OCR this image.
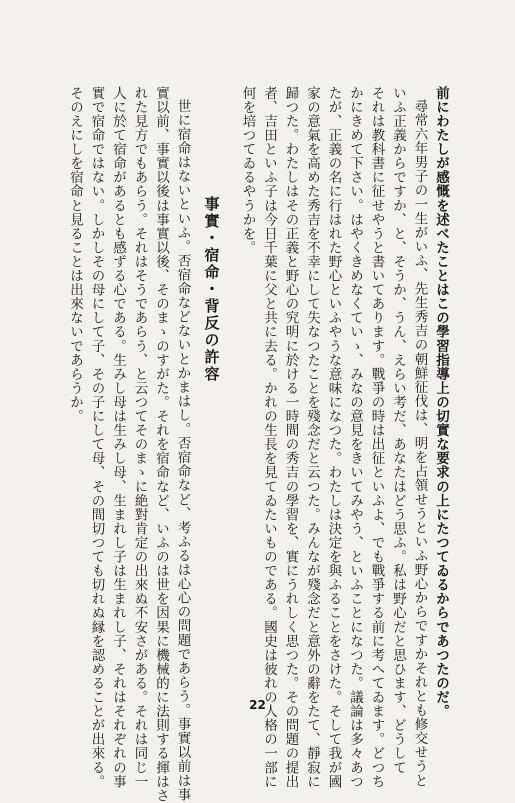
前にわたしが感慨を述べたことはこの學習指導上の切實な要求の上にたつてゐるからであつたのだ。
尋常六年男子の一生がいふ、先生秀吉の朝鮮征伐は、明を占領せうといふ野心からですかそれとも修交せうと
いふ正義からですか、と、そうか、うん、えらい考だ、あなたはどう思ふ。私は野心だと思ひます、どうして
それは教科書に征せやうと書いてあります。戰爭の時は出征といふよ、でも戰爭する前に考へてゐます。どつち
かにきめて下さい。はやくきめなくていゝ、みなの意見をきいてみやう、といふことになつた。議論は多々あつ
たが、正義の名に行はれた野心といふやうな意味になつた。わたしは決定を與ふることをさけた。そして我が國
家の意氣を高めた秀吉を不幸にして失なつたことを殘念だと云つた。みんなが殘念だと意外の辭をたて、靜寂に
歸つた。わたしはその正義と野心の究明に於ける一時間の秀吉の學習を、實にうれしく思つた。その問題の提出
者、吉田といふ子は今日千葉に父と共に去る。かれの生長を見てゐたいものである。國史は彼れの人格の一部に
何を培つてゐるやうかを。
事實・宿命・背反の許容
世に宿命はないといふ。否宿命などないとかまはし。否宿命など、考ふるは心心の問題であらう。事實以前は事
實以前、事實以後は事實以後、そのまゝのすがた。それを宿命など、いふのは世を因果に機械的に法則する揮はさ
れた見方でもあらう。それはそうであらう、と云つてそのまゝに絶對肯定の出來ぬ不安さがある。それは同じ一
人に於て宿命があるとも感ずる心である。生みし母は生みし母、生まれし子は生まれし子、それはそれぞれの事
實で宿命ではない。しかしその母にして子、その子にして母、その間切つても切れぬ縁を認めることが出來る。
そのえにしを宿命と見ることは出來ないであらうか。
22
